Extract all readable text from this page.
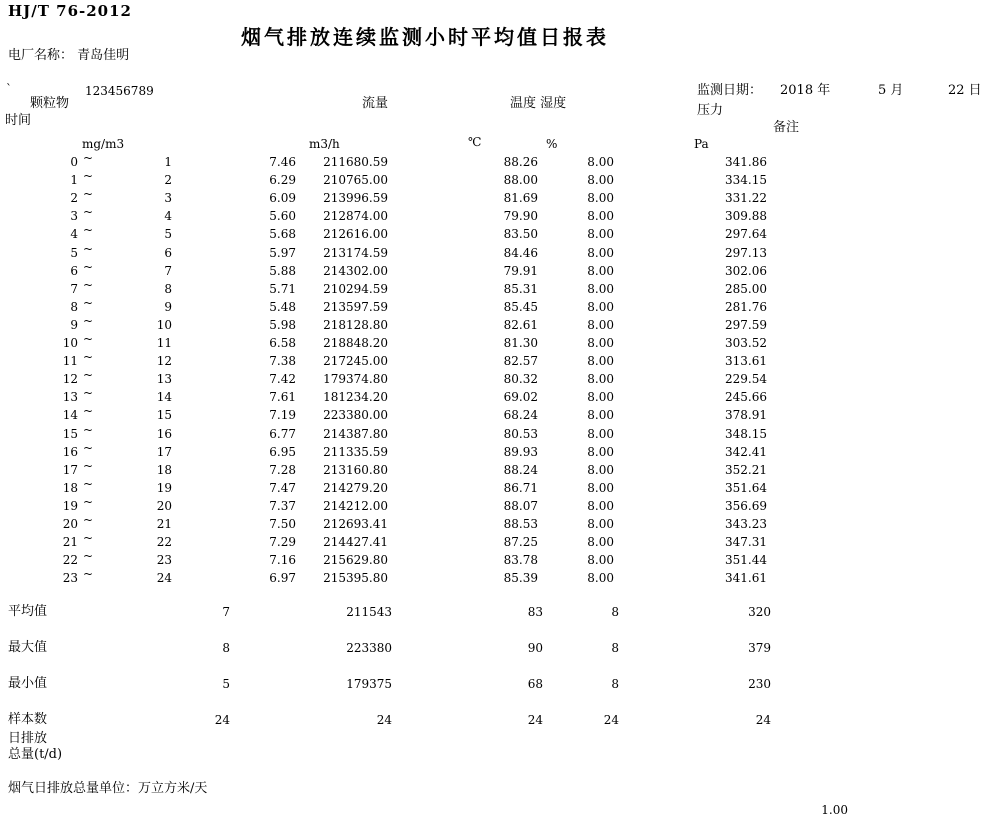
HJ/T 76-2012
烟气排放连续监测小时平均值日报表
电厂名称： 青岛佳明
`	123456789
颗粒物
时间
流量	温度 湿度
监测日期： 2018 年	5 月	22 日
压力
备注
mg/m3	m3/h	℃	%	Pa
0 ~	1	7.46	211680.59	88.26	8.00	341.86
1 ~	2	6.29	210765.00	88.00	8.00	334.15
2 ~	3	6.09	213996.59	81.69	8.00	331.22
3 ~	4	5.60	212874.00	79.90	8.00	309.88
4 ~	5	5.68	212616.00	83.50	8.00	297.64
5 ~	6	5.97	213174.59	84.46	8.00	297.13
6 ~	7	5.88	214302.00	79.91	8.00	302.06
7 ~	8	5.71	210294.59	85.31	8.00	285.00
8 ~	9	5.48	213597.59	85.45	8.00	281.76
9 ~	10	5.98	218128.80	82.61	8.00	297.59
10 ~	11	6.58	218848.20	81.30	8.00	303.52
11 ~	12	7.38	217245.00	82.57	8.00	313.61
12 ~	13	7.42	179374.80	80.32	8.00	229.54
13 ~	14	7.61	181234.20	69.02	8.00	245.66
14 ~	15	7.19	223380.00	68.24	8.00	378.91
15 ~	16	6.77	214387.80	80.53	8.00	348.15
16 ~	17	6.95	211335.59	89.93	8.00	342.41
17 ~	18	7.28	213160.80	88.24	8.00	352.21
18 ~	19	7.47	214279.20	86.71	8.00	351.64
19 ~	20	7.37	214212.00	88.07	8.00	356.69
20 ~	21	7.50	212693.41	88.53	8.00	343.23
21 ~	22	7.29	214427.41	87.25	8.00	347.31
22 ~	23	7.16	215629.80	83.78	8.00	351.44
23 ~	24	6.97	215395.80	85.39	8.00	341.61
平均值	7	211543	83	8	320
最大值	8	223380	90	8	379
最小值	5	179375	68	8	230
样本数	24	24	24	24	24
日排放
总量(t/d)
烟气日排放总量单位：万立方米/天
1.00
